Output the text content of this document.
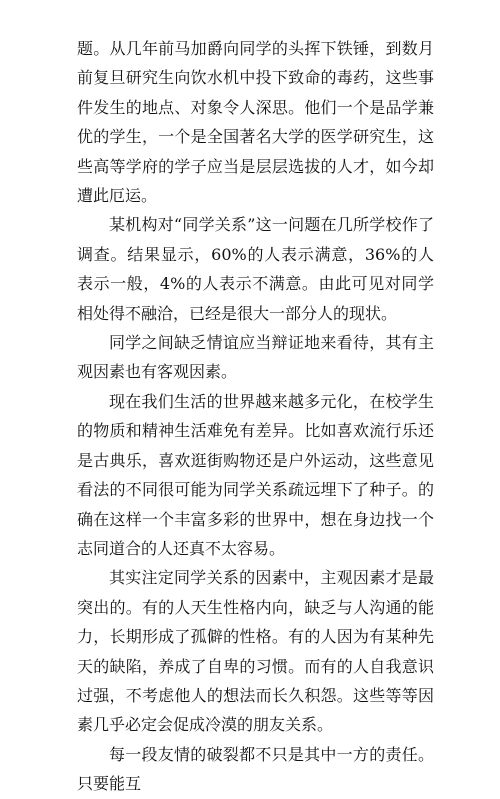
题。从几年前马加爵向同学的头挥下铁锤，到数月前复旦研究生向饮水机中投下致命的毒药，这些事件发生的地点、对象令人深思。他们一个是品学兼优的学生，一个是全国著名大学的医学研究生，这些高等学府的学子应当是层层选拔的人才，如今却遭此厄运。

某机构对“同学关系”这一问题在几所学校作了调查。结果显示，60%的人表示满意，36%的人表示一般，4%的人表示不满意。由此可见对同学相处得不融洽，已经是很大一部分人的现状。

同学之间缺乏情谊应当辩证地来看待，其有主观因素也有客观因素。

现在我们生活的世界越来越多元化，在校学生的物质和精神生活难免有差异。比如喜欢流行乐还是古典乐，喜欢逛街购物还是户外运动，这些意见看法的不同很可能为同学关系疏远埋下了种子。的确在这样一个丰富多彩的世界中，想在身边找一个志同道合的人还真不太容易。

其实注定同学关系的因素中，主观因素才是最突出的。有的人天生性格内向，缺乏与人沟通的能力，长期形成了孤僻的性格。有的人因为有某种先天的缺陷，养成了自卑的习惯。而有的人自我意识过强，不考虑他人的想法而长久积怨。这些等等因素几乎必定会促成冷漠的朋友关系。

每一段友情的破裂都不只是其中一方的责任。只要能互
